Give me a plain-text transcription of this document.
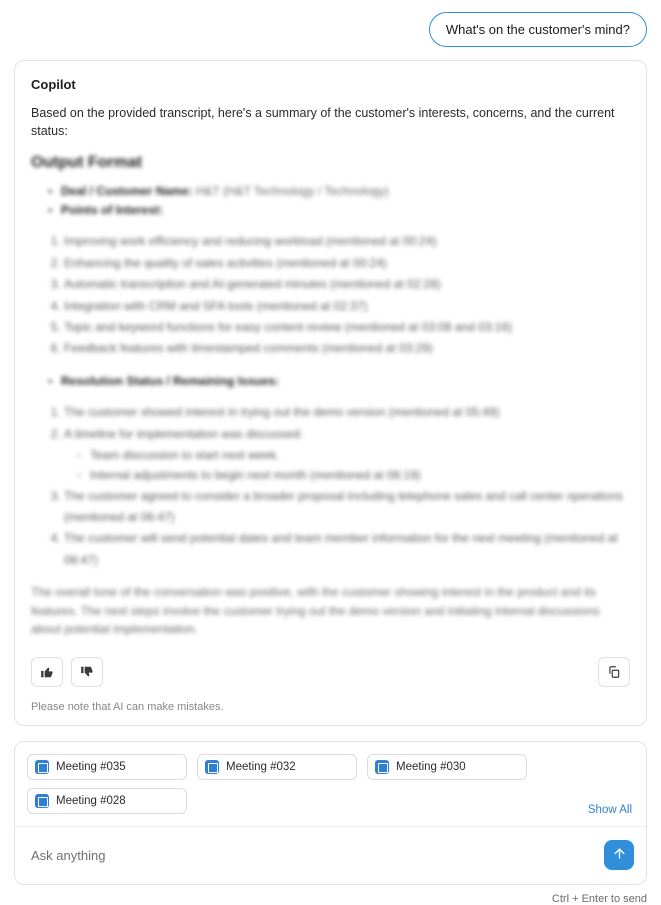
What's on the customer's mind?
Copilot
Based on the provided transcript, here's a summary of the customer's interests, concerns, and the current status:
Output Format
• Deal / Customer Name: H&T (H&T Technology / Technology)
• Points of Interest:
1. Improving work efficiency and reducing workload (mentioned at 00:24)
2. Enhancing the quality of sales activities (mentioned at 00:24)
3. Automatic transcription and AI-generated minutes (mentioned at 02:28)
4. Integration with CRM and SFA tools (mentioned at 02:37)
5. Topic and keyword functions for easy content review (mentioned at 03:08 and 03:16)
6. Feedback features with timestamped comments (mentioned at 03:29)
• Resolution Status / Remaining Issues:
1. The customer showed interest in trying out the demo version (mentioned at 05:49)
2. A timeline for implementation was discussed:
◦ Team discussion to start next week.
◦ Internal adjustments to begin next month (mentioned at 06:19)
3. The customer agreed to consider a broader proposal including telephone sales and call center operations (mentioned at 06:47)
4. The customer will send potential dates and team member information for the next meeting (mentioned at 08:47)

The overall tone of the conversation was positive, with the customer showing interest in the product and its features. The next steps involve the customer trying out the demo version and initiating internal discussions about potential implementation.

Please note that AI can make mistakes.
Meeting #035	Meeting #032	Meeting #030
Meeting #028
Show All
Ask anything
Ctrl + Enter to send
